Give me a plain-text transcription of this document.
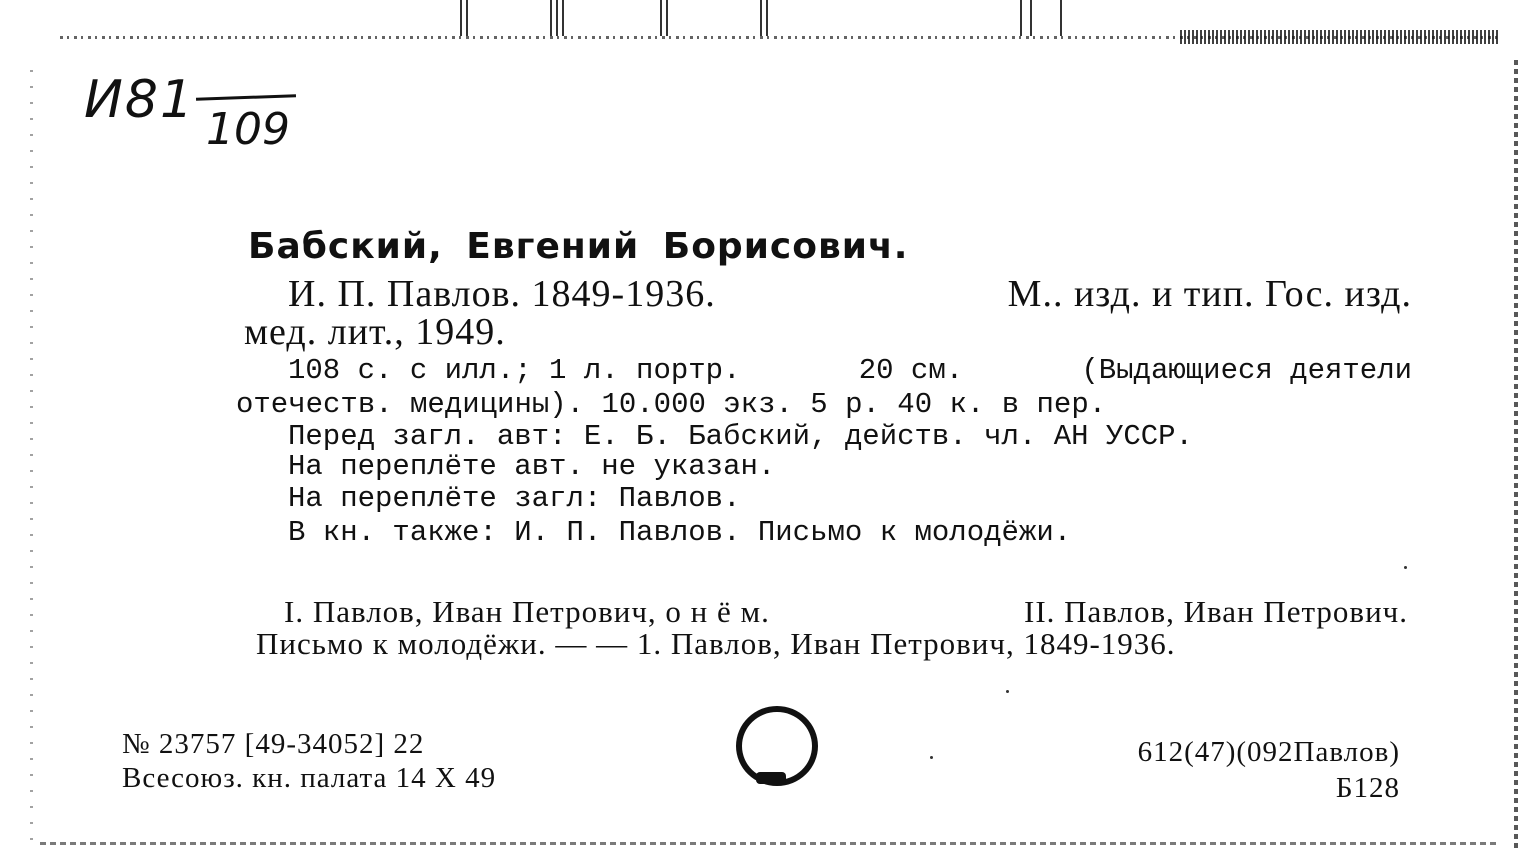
И81 109
Бабский, Евгений Борисович.
И. П. Павлов. 1849-1936.	М.. изд. и тип. Гос. изд.
мед. лит., 1949.
108 с. с илл.; 1 л. портр.	20 см.	(Выдающиеся деятели
отечеств. медицины). 10.000 экз. 5 р. 40 к. в пер.
Перед загл. авт: Е. Б. Бабский, действ. чл. АН УССР.
На переплёте авт. не указан.
На переплёте загл: Павлов.
В кн. также: И. П. Павлов. Письмо к молодёжи.
I. Павлов, Иван Петрович, о н ё м.	II. Павлов, Иван Петрович.
Письмо к молодёжи. — — 1. Павлов, Иван Петрович, 1849-1936.
№ 23757 [49-34052] 22
Всесоюз. кн. палата 14 X 49
612(47)(092Павлов)
Б128
